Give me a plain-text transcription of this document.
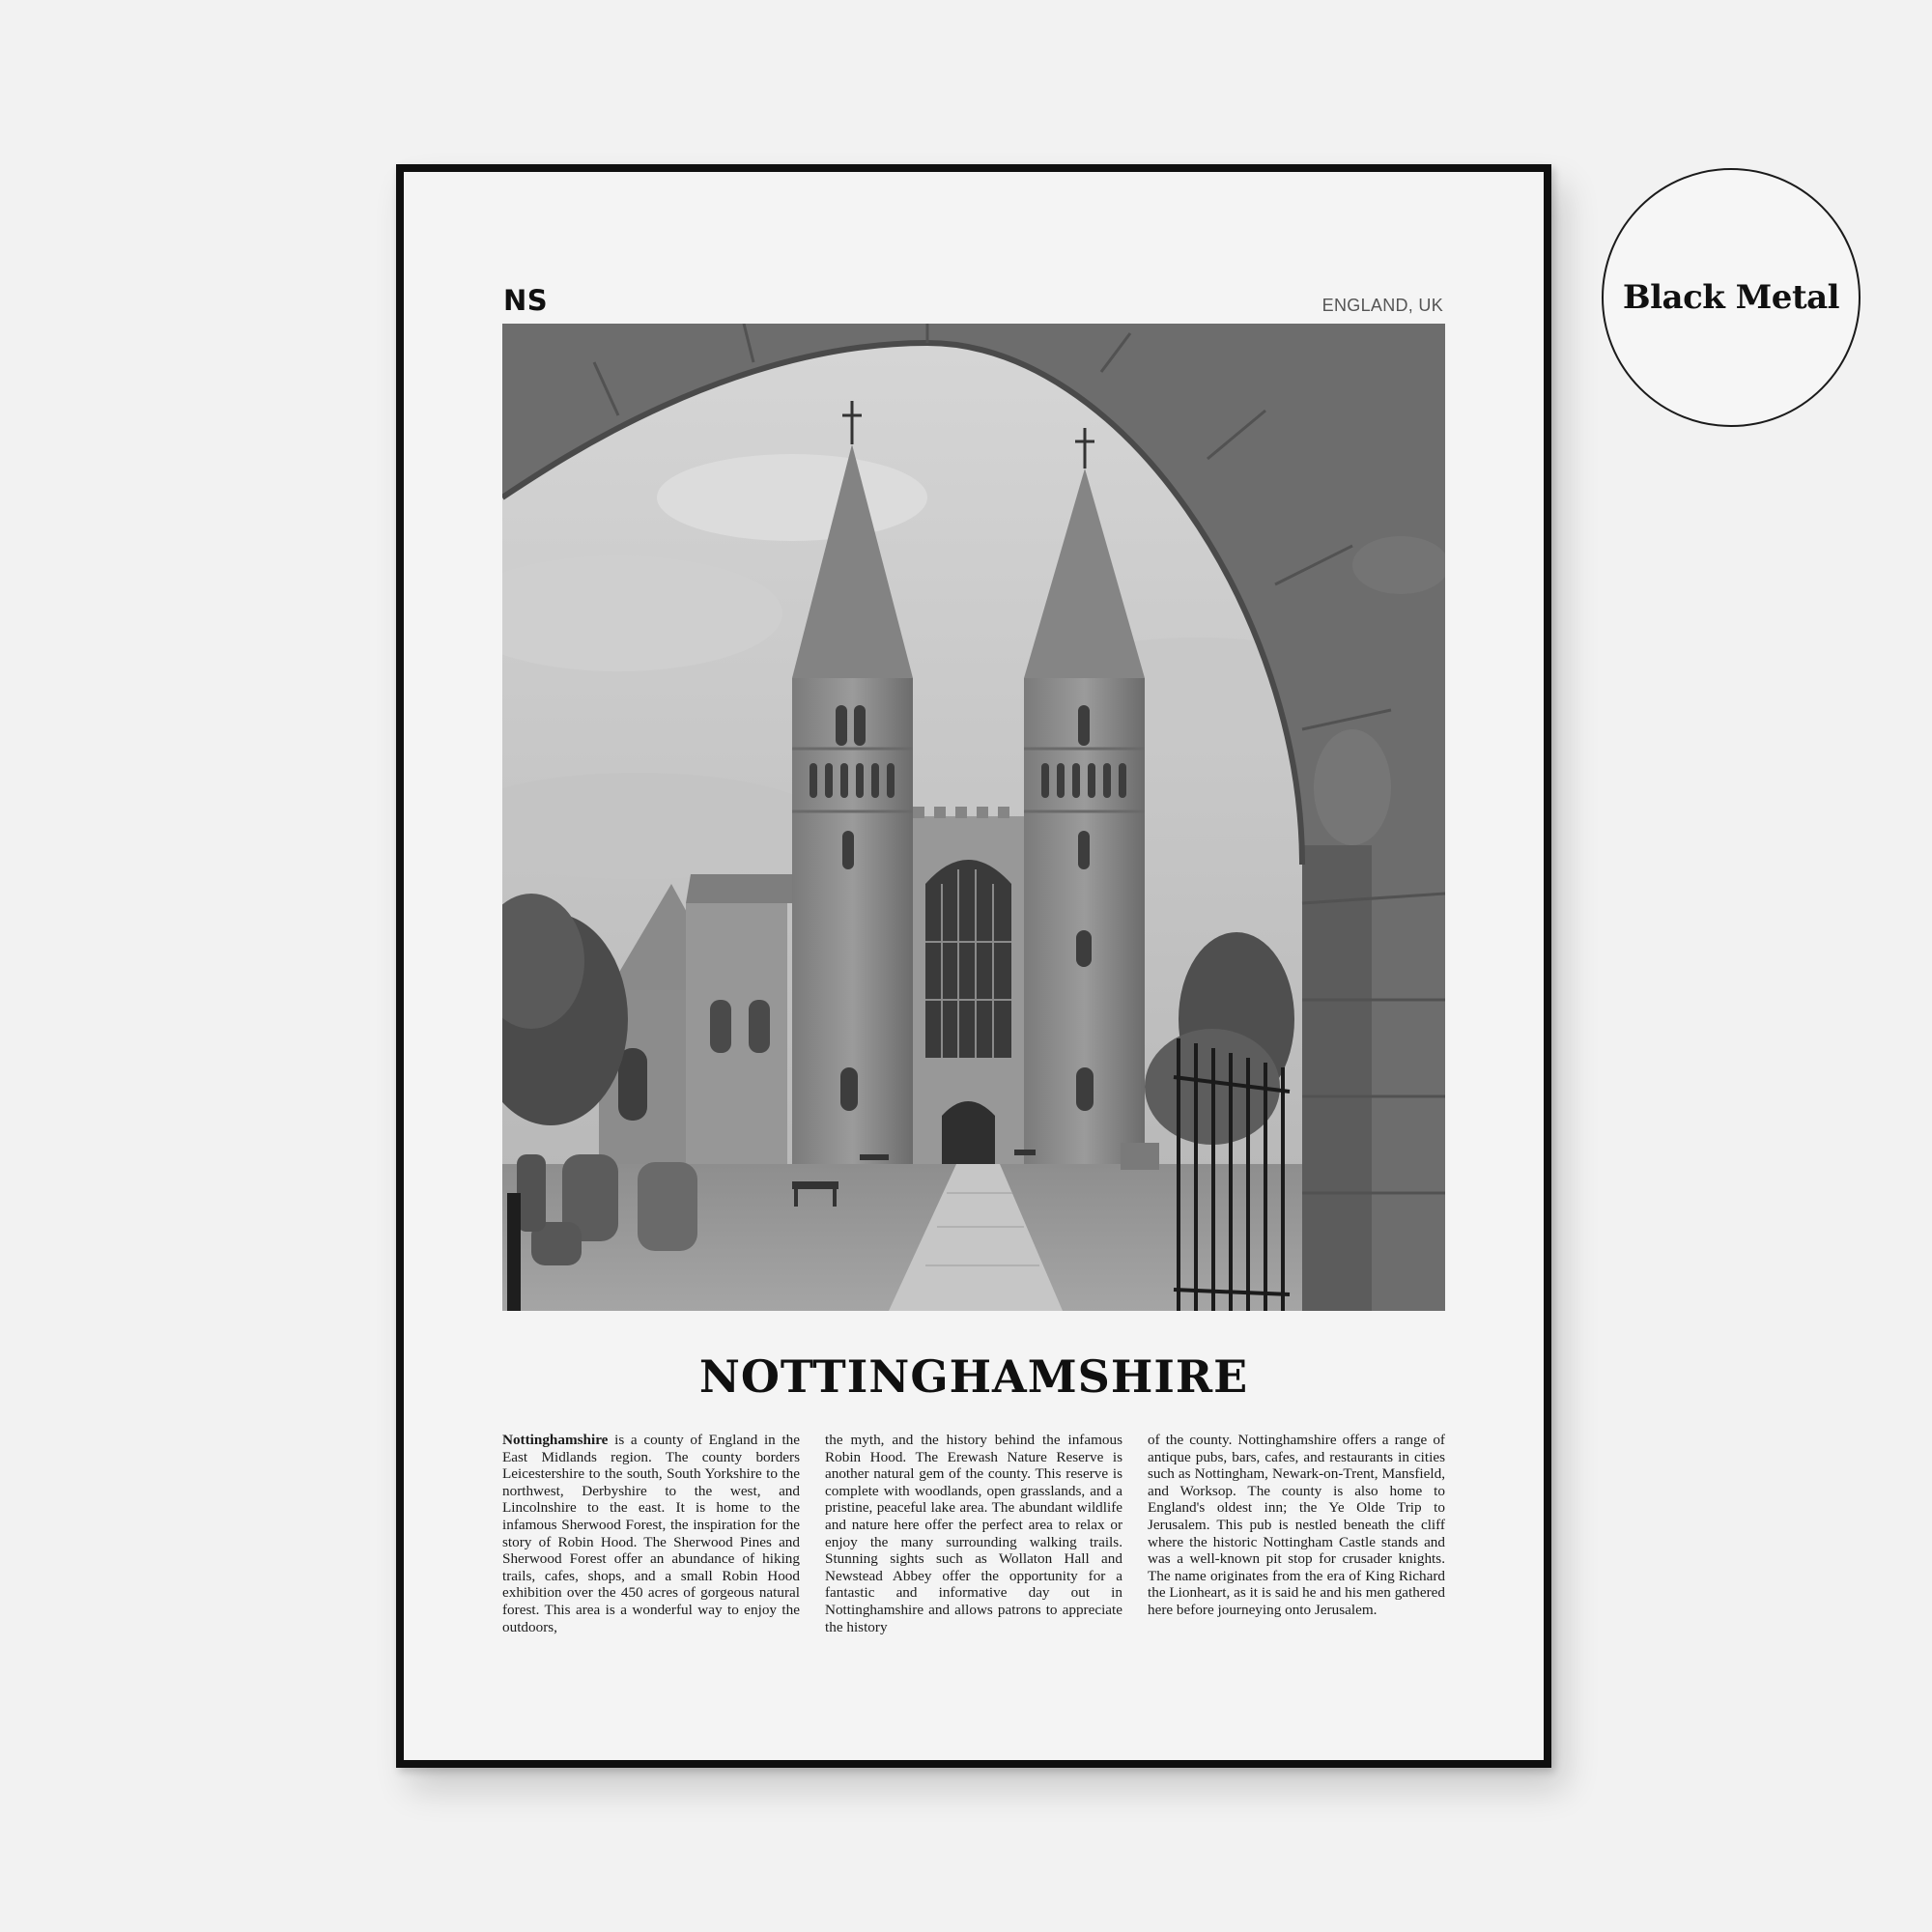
NS	ENGLAND, UK
NOTTINGHAMSHIRE
Nottinghamshire is a county of England in the East Midlands region. The county borders Leicestershire to the south, South Yorkshire to the northwest, Derbyshire to the west, and Lincolnshire to the east. It is home to the infamous Sherwood Forest, the inspiration for the story of Robin Hood. The Sherwood Pines and Sherwood Forest offer an abundance of hiking trails, cafes, shops, and a small Robin Hood exhibition over the 450 acres of gorgeous natural forest. This area is a wonderful way to enjoy the outdoors,
the myth, and the history behind the infamous Robin Hood. The Erewash Nature Reserve is another natural gem of the county. This reserve is complete with woodlands, open grasslands, and a pristine, peaceful lake area. The abundant wildlife and nature here offer the perfect area to relax or enjoy the many surrounding walking trails. Stunning sights such as Wollaton Hall and Newstead Abbey offer the opportunity for a fantastic and informative day out in Nottinghamshire and allows patrons to appreciate the history
of the county. Nottinghamshire offers a range of antique pubs, bars, cafes, and restaurants in cities such as Nottingham, Newark-on-Trent, Mansfield, and Worksop. The county is also home to England's oldest inn; the Ye Olde Trip to Jerusalem. This pub is nestled beneath the cliff where the historic Nottingham Castle stands and was a well-known pit stop for crusader knights. The name originates from the era of King Richard the Lionheart, as it is said he and his men gathered here before journeying onto Jerusalem.
Black Metal
